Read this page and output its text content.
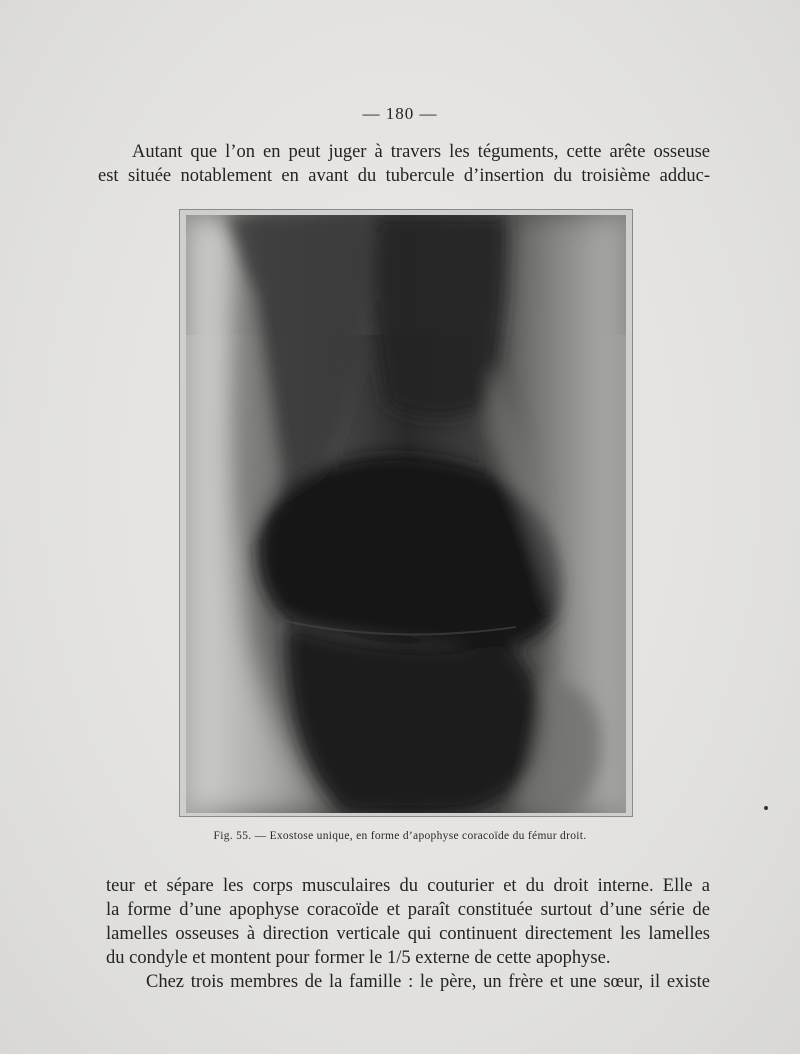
— 180 —
Autant que l’on en peut juger à travers les téguments, cette arête osseuse
est située notablement en avant du tubercule d’insertion du troisième adduc-
Fig. 55. — Exostose unique, en forme d’apophyse coracoïde du fémur droit.
teur et sépare les corps musculaires du couturier et du droit interne. Elle a
la forme d’une apophyse coracoïde et paraît constituée surtout d’une série de
lamelles osseuses à direction verticale qui continuent directement les lamelles
du condyle et montent pour former le 1/5 externe de cette apophyse.
Chez trois membres de la famille : le père, un frère et une sœur, il existe
